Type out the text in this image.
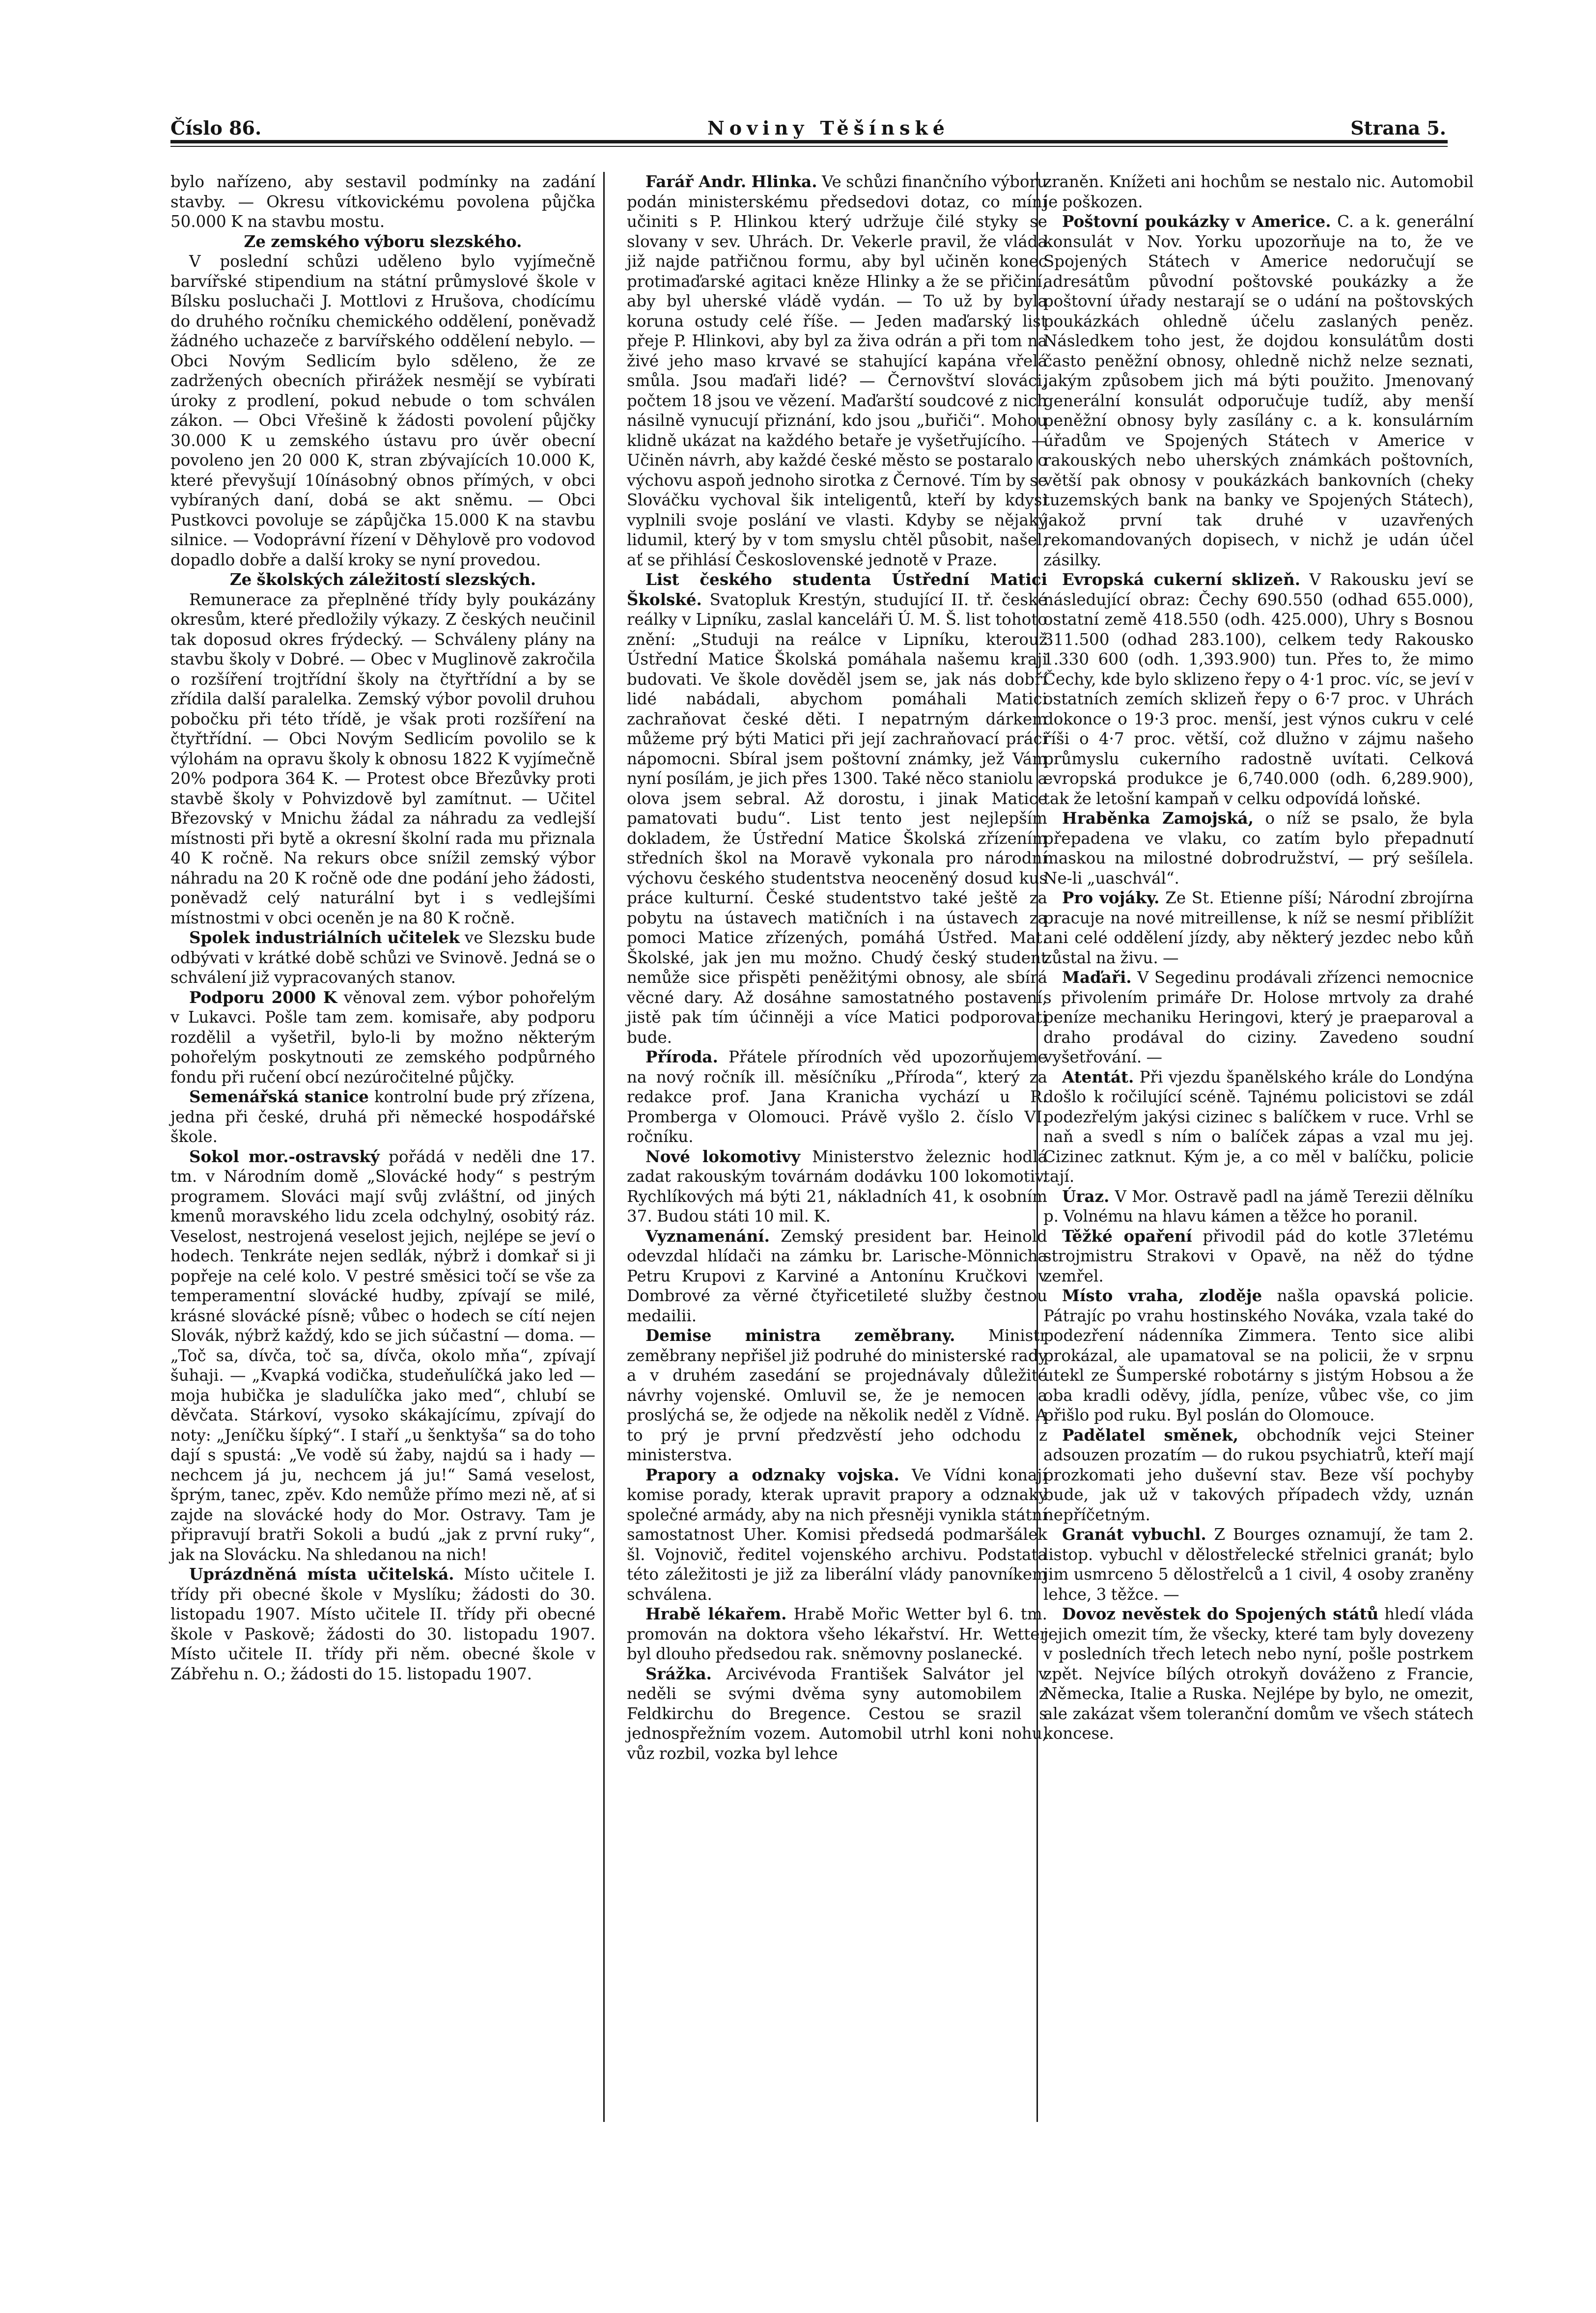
Číslo 86.	Noviny Těšínské	Strana 5.

bylo nařízeno, aby sestavil podmínky na zadání stavby. — Okresu vítkovickému povolena půjčka 50.000 K na stavbu mostu.

Ze zemského výboru slezského.

V poslední schůzi uděleno bylo vyjímečně barvířské stipendium na státní průmyslové škole v Bílsku posluchači J. Mottlovi z Hrušova, chodícímu do druhého ročníku chemického oddělení, poněvadž žádného uchazeče z barvířského oddělení nebylo. — Obci Novým Sedlicím bylo sděleno, že ze zadržených obecních přirážek nesmějí se vybírati úroky z prodlení, pokud nebude o tom schválen zákon. — Obci Vřešině k žádosti povolení půjčky 30.000 K u zemského ústavu pro úvěr obecní povoleno jen 20 000 K, stran zbývajících 10.000 K, které převyšují 10ínásobný obnos přímých, v obci vybíraných daní, dobá se akt sněmu. — Obci Pustkovci povoluje se zápůjčka 15.000 K na stavbu silnice. — Vodoprávní řízení v Děhylově pro vodovod dopadlo dobře a další kroky se nyní provedou.

Ze školských záležitostí slezských.

Remunerace za přeplněné třídy byly poukázány okresům, které předložily výkazy. Z českých neučinil tak doposud okres frýdecký. — Schváleny plány na stavbu školy v Dobré. — Obec v Muglinově zakročila o rozšíření trojtřídní školy na čtyřtřídní a by se zřídila další paralelka. Zemský výbor povolil druhou pobočku při této třídě, je však proti rozšíření na čtyřtřídní. — Obci Novým Sedlicím povolilo se k výlohám na opravu školy k obnosu 1822 K vyjímečně 20% podpora 364 K. — Protest obce Březůvky proti stavbě školy v Pohvizdově byl zamítnut. — Učitel Březovský v Mnichu žádal za náhradu za vedlejší místnosti při bytě a okresní školní rada mu přiznala 40 K ročně. Na rekurs obce snížil zemský výbor náhradu na 20 K ročně ode dne podání jeho žádosti, poněvadž celý naturální byt i s vedlejšími místnostmi v obci oceněn je na 80 K ročně.

Spolek industriálních učitelek ve Slezsku bude odbývati v krátké době schůzi ve Svinově. Jedná se o schválení již vypracovaných stanov.

Podporu 2000 K věnoval zem. výbor pohořelým v Lukavci. Pošle tam zem. komisaře, aby podporu rozdělil a vyšetřil, bylo-li by možno některým pohořelým poskytnouti ze zemského podpůrného fondu při ručení obcí nezúročitelné půjčky.

Semenářská stanice kontrolní bude prý zřízena, jedna při české, druhá při německé hospodářské škole.

Sokol mor.-ostravský pořádá v neděli dne 17. tm. v Národním domě „Slovácké hody“ s pestrým programem. Slováci mají svůj zvláštní, od jiných kmenů moravského lidu zcela odchylný, osobitý ráz. Veselost, nestrojená veselost jejich, nejlépe se jeví o hodech. Tenkráte nejen sedlák, nýbrž i domkař si ji popřeje na celé kolo. V pestré směsici točí se vše za temperamentní slovácké hudby, zpívají se milé, krásné slovácké písně; vůbec o hodech se cítí nejen Slovák, nýbrž každý, kdo se jich súčastní — doma. — „Toč sa, dívča, toč sa, dívča, okolo mňa“, zpívají šuhaji. — „Kvapká vodička, studeňulíčká jako led — moja hubička je sladulíčka jako med“, chlubí se děvčata. Stárkoví, vysoko skákajícímu, zpívají do noty: „Jeníčku šípký“. I staří „u šenktyša“ sa do toho dají s spustá: „Ve vodě sú žaby, najdú sa i hady — nechcem já ju, nechcem já ju!“ Samá veselost, šprým, tanec, zpěv. Kdo nemůže přímo mezi ně, ať si zajde na slovácké hody do Mor. Ostravy. Tam je připravují bratři Sokoli a budú „jak z první ruky“, jak na Slovácku. Na shledanou na nich!

Uprázdněná místa učitelská. Místo učitele I. třídy při obecné škole v Myslíku; žádosti do 30. listopadu 1907. Místo učitele II. třídy při obecné škole v Paskově; žádosti do 30. listopadu 1907. Místo učitele II. třídy při něm. obecné škole v Zábřehu n. O.; žádosti do 15. listopadu 1907.

Farář Andr. Hlinka. Ve schůzi finančního výboru podán ministerskému předsedovi dotaz, co míní učiniti s P. Hlinkou který udržuje čilé styky se slovany v sev. Uhrách. Dr. Vekerle pravil, že vláda již najde patřičnou formu, aby byl učiněn konec protimaďarské agitaci kněze Hlinky a že se přičiní, aby byl uherské vládě vydán. — To už by byla koruna ostudy celé říše. — Jeden maďarský list přeje P. Hlinkovi, aby byl za živa odrán a při tom na živé jeho maso krvavé se stahující kapána vřelá smůla. Jsou maďaři lidé? — Černovštví slováci, počtem 18 jsou ve vězení. Maďarští soudcové z nich násilně vynucují přiznání, kdo jsou „buřiči“. Mohou klidně ukázat na každého betaře je vyšetřujícího. — Učiněn návrh, aby každé české město se postaralo o výchovu aspoň jednoho sirotka z Černové. Tím by se Slováčku vychoval šik inteligentů, kteří by kdysi vyplnili svoje poslání ve vlasti. Kdyby se nějaký lidumil, který by v tom smyslu chtěl působit, našel, ať se přihlásí Československé jednotě v Praze.

List českého studenta Ústřední Matici Školské. Svatopluk Krestýn, studující II. tř. české reálky v Lipníku, zaslal kanceláři Ú. M. Š. list tohoto znění: „Studuji na reálce v Lipníku, kterouž Ústřední Matice Školská pomáhala našemu kraji budovati. Ve škole dověděl jsem se, jak nás dobří lidé nabádali, abychom pomáhali Matici zachraňovat české děti. I nepatrným dárkem můžeme prý býti Matici při její zachraňovací práci nápomocni. Sbíral jsem poštovní známky, jež Vám nyní posílám, je jich přes 1300. Také něco staniolu a olova jsem sebral. Až dorostu, i jinak Matice pamatovati budu“. List tento jest nejlepším dokladem, že Ústřední Matice Školská zřízením středních škol na Moravě vykonala pro národní výchovu českého studentstva neoceněný dosud kus práce kulturní. České studentstvo také ještě za pobytu na ústavech matičních i na ústavech za pomoci Matice zřízených, pomáhá Ústřed. Mat. Školské, jak jen mu možno. Chudý český student nemůže sice přispěti peněžitými obnosy, ale sbírá věcné dary. Až dosáhne samostatného postavení, jistě pak tím účinněji a více Matici podporovati bude.

Příroda. Přátele přírodních věd upozorňujeme na nový ročník ill. měsíčníku „Příroda“, který za redakce prof. Jana Kranicha vychází u R. Promberga v Olomouci. Právě vyšlo 2. číslo VI. ročníku.

Nové lokomotivy Ministerstvo železnic hodlá zadat rakouským továrnám dodávku 100 lokomotiv. Rychlíkových má býti 21, nákladních 41, k osobním 37. Budou státi 10 mil. K.

Vyznamenání. Zemský president bar. Heinold odevzdal hlídači na zámku br. Larische-Mönnicha Petru Krupovi z Karviné a Antonínu Kručkovi v Dombrové za věrné čtyřicetileté služby čestnou medailii.

Demise ministra zeměbrany. Ministr zeměbrany nepřišel již podruhé do ministerské rady a v druhém zasedání se projednávaly důležité návrhy vojenské. Omluvil se, že je nemocen a proslýchá se, že odjede na několik neděl z Vídně. A to prý je první předzvěstí jeho odchodu z ministerstva.

Prapory a odznaky vojska. Ve Vídni konají komise porady, kterak upravit prapory a odznaky společné armády, aby na nich přesněji vynikla státní samostatnost Uher. Komisi předsedá podmaršálek šl. Vojnovič, ředitel vojenského archivu. Podstata této záležitosti je již za liberální vlády panovníkem schválena.

Hrabě lékařem. Hrabě Mořic Wetter byl 6. tm. promován na doktora všeho lékařství. Hr. Wetter byl dlouho předsedou rak. sněmovny poslanecké.

Srážka. Arcivévoda František Salvátor jel v neděli se svými dvěma syny automobilem z Feldkirchu do Bregence. Cestou se srazil s jednospřežním vozem. Automobil utrhl koni nohu, vůz rozbil, vozka byl lehce

zraněn. Knížeti ani hochům se nestalo nic. Automobil je poškozen.

Poštovní poukázky v Americe. C. a k. generální konsulát v Nov. Yorku upozorňuje na to, že ve Spojených Státech v Americe nedoručují se adresátům původní poštovské poukázky a že poštovní úřady nestarají se o udání na poštovských poukázkách ohledně účelu zaslaných peněz. Následkem toho jest, že dojdou konsulátům dosti často peněžní obnosy, ohledně nichž nelze seznati, jakým způsobem jich má býti použito. Jmenovaný generální konsulát odporučuje tudíž, aby menší peněžní obnosy byly zasílány c. a k. konsulárním úřadům ve Spojených Státech v Americe v rakouských nebo uherských známkách poštovních, větší pak obnosy v poukázkách bankovních (cheky tuzemských bank na banky ve Spojených Státech), jakož první tak druhé v uzavřených rekomandovaných dopisech, v nichž je udán účel zásilky.

Evropská cukerní sklizeň. V Rakousku jeví se následující obraz: Čechy 690.550 (odhad 655.000), ostatní země 418.550 (odh. 425.000), Uhry s Bosnou 311.500 (odhad 283.100), celkem tedy Rakousko 1.330 600 (odh. 1,393.900) tun. Přes to, že mimo Čechy, kde bylo sklizeno řepy o 4·1 proc. víc, se jeví v ostatních zemích sklizeň řepy o 6·7 proc. v Uhrách dokonce o 19·3 proc. menší, jest výnos cukru v celé říši o 4·7 proc. větší, což dlužno v zájmu našeho průmyslu cukerního radostně uvítati. Celková evropská produkce je 6,740.000 (odh. 6,289.900), tak že letošní kampaň v celku odpovídá loňské.

Hraběnka Zamojská, o níž se psalo, že byla přepadena ve vlaku, co zatím bylo přepadnutí maskou na milostné dobrodružství, — prý sešílela. Ne-li „uaschvál“.

Pro vojáky. Ze St. Etienne píší; Národní zbrojírna pracuje na nové mitreillense, k níž se nesmí přiblížit ani celé oddělení jízdy, aby některý jezdec nebo kůň zůstal na živu. —

Maďaři. V Segedinu prodávali zřízenci nemocnice s přivolením primáře Dr. Holose mrtvoly za drahé peníze mechaniku Heringovi, který je praeparoval a draho prodával do ciziny. Zavedeno soudní vyšetřování. —

Atentát. Při vjezdu španělského krále do Londýna došlo k ročilující scéně. Tajnému policistovi se zdál podezřelým jakýsi cizinec s balíčkem v ruce. Vrhl se naň a svedl s ním o balíček zápas a vzal mu jej. Cizinec zatknut. Kým je, a co měl v balíčku, policie tají.

Úraz. V Mor. Ostravě padl na jámě Terezii dělníku p. Volnému na hlavu kámen a těžce ho poranil.

Těžké opaření přivodil pád do kotle 37letému strojmistru Strakovi v Opavě, na něž do týdne zemřel.

Místo vraha, zloděje našla opavská policie. Pátrajíc po vrahu hostinského Nováka, vzala také do podezření nádenníka Zimmera. Tento sice alibi prokázal, ale upamatoval se na policii, že v srpnu utekl ze Šumperské robotárny s jistým Hobsou a že oba kradli oděvy, jídla, peníze, vůbec vše, co jim přišlo pod ruku. Byl poslán do Olomouce.

Padělatel směnek, obchodník vejci Steiner adsouzen prozatím — do rukou psychiatrů, kteří mají prozkomati jeho duševní stav. Beze vší pochyby bude, jak už v takových případech vždy, uznán nepříčetným.

Granát vybuchl. Z Bourges oznamují, že tam 2. listop. vybuchl v dělostřelecké střelnici granát; bylo jim usmrceno 5 dělostřelců a 1 civil, 4 osoby zraněny lehce, 3 těžce. —

Dovoz nevěstek do Spojených států hledí vláda jejich omezit tím, že všecky, které tam byly dovezeny v posledních třech letech nebo nyní, pošle postrkem zpět. Nejvíce bílých otrokyň dováženo z Francie, Německa, Italie a Ruska. Nejlépe by bylo, ne omezit, ale zakázat všem toleranční domům ve všech státech koncese.
